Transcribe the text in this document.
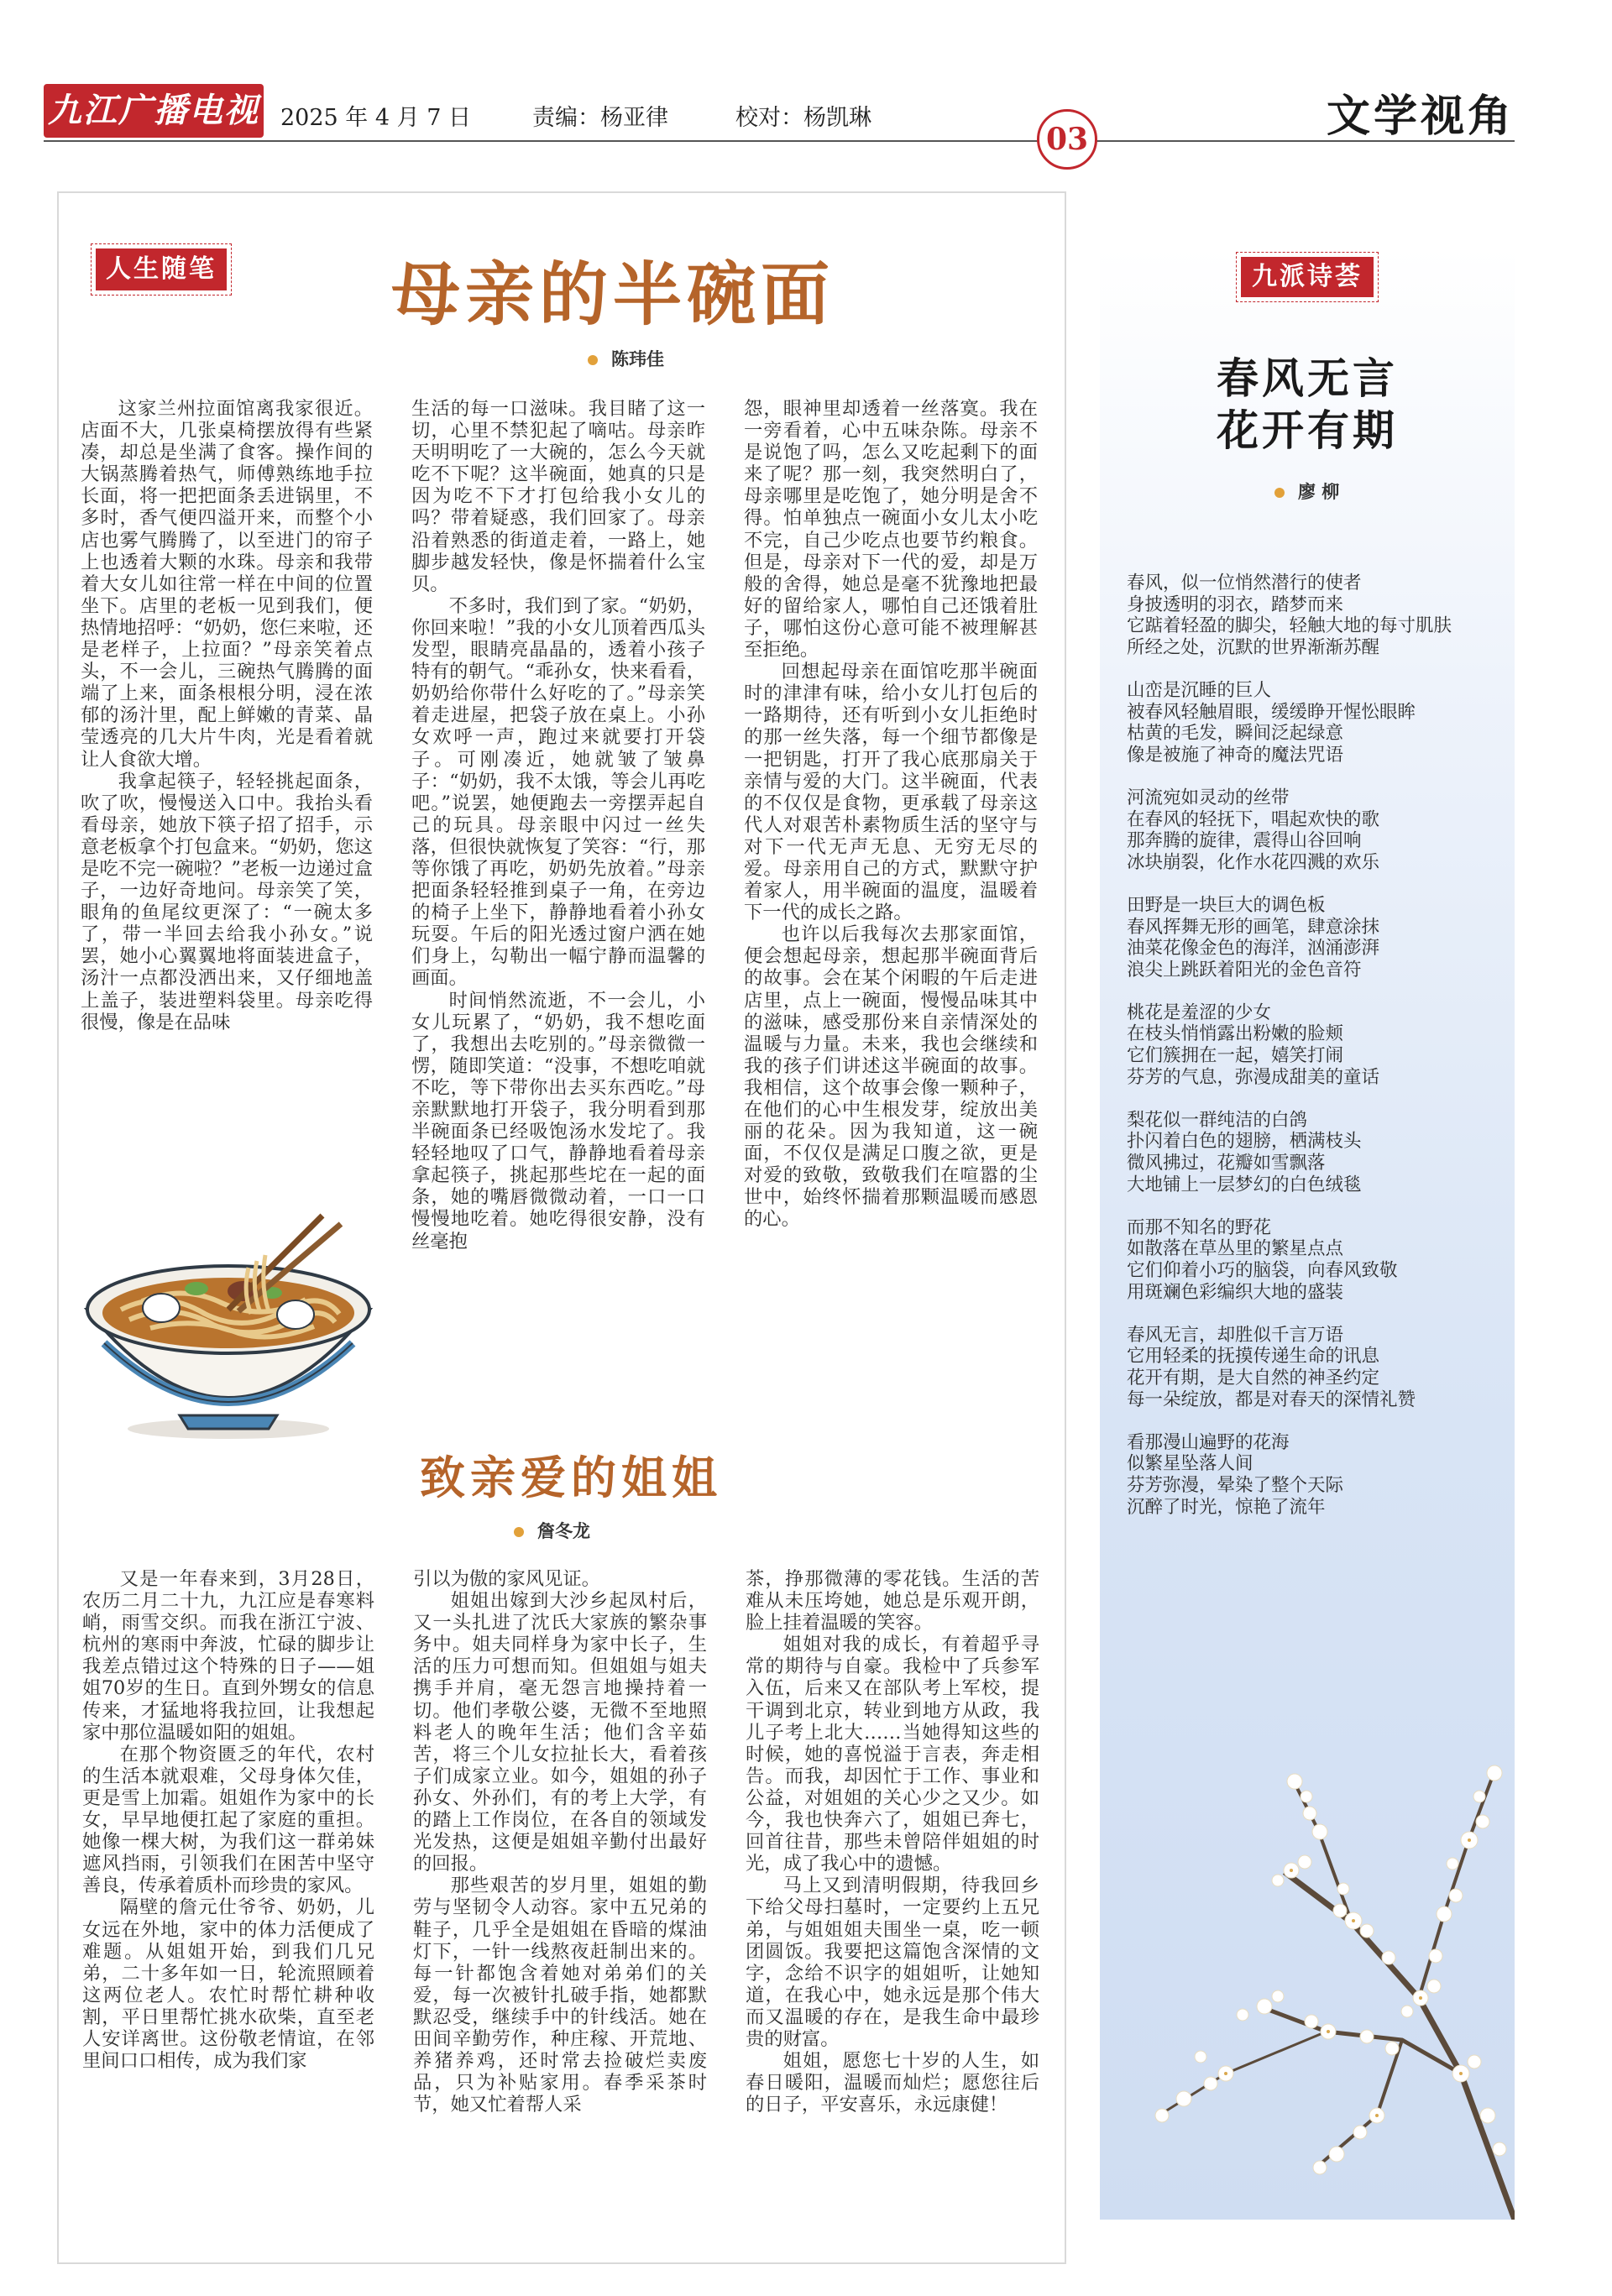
九江广播电视报
2025 年 4 月 7 日	责编：杨亚律	校对：杨凯琳
03	文学视角
人生随笔	母亲的半碗面
陈玮佳

这家兰州拉面馆离我家很近。店面不大，几张桌椅摆放得有些紧凑，却总是坐满了食客。操作间的大锅蒸腾着热气，师傅熟练地手拉长面，将一把把面条丢进锅里，不多时，香气便四溢开来，而整个小店也雾气腾腾了，以至进门的帘子上也透着大颗的水珠。母亲和我带着大女儿如往常一样在中间的位置坐下。店里的老板一见到我们，便热情地招呼：“奶奶，您仨来啦，还是老样子，上拉面？”母亲笑着点头，不一会儿，三碗热气腾腾的面端了上来，面条根根分明，浸在浓郁的汤汁里，配上鲜嫩的青菜、晶莹透亮的几大片牛肉，光是看着就让人食欲大增。

我拿起筷子，轻轻挑起面条，吹了吹，慢慢送入口中。我抬头看看母亲，她放下筷子招了招手，示意老板拿个打包盒来。“奶奶，您这是吃不完一碗啦？”老板一边递过盒子，一边好奇地问。母亲笑了笑，眼角的鱼尾纹更深了：“一碗太多了，带一半回去给我小孙女。”说罢，她小心翼翼地将面装进盒子，汤汁一点都没洒出来，又仔细地盖上盖子，装进塑料袋里。母亲吃得很慢，像是在品味

生活的每一口滋味。我目睹了这一切，心里不禁犯起了嘀咕。母亲昨天明明吃了一大碗的，怎么今天就吃不下呢？这半碗面，她真的只是因为吃不下才打包给我小女儿的吗？带着疑惑，我们回家了。母亲沿着熟悉的街道走着，一路上，她脚步越发轻快，像是怀揣着什么宝贝。

不多时，我们到了家。“奶奶，你回来啦！”我的小女儿顶着西瓜头发型，眼睛亮晶晶的，透着小孩子特有的朝气。“乖孙女，快来看看，奶奶给你带什么好吃的了。”母亲笑着走进屋，把袋子放在桌上。小孙女欢呼一声，跑过来就要打开袋子。可刚凑近，她就皱了皱鼻子：“奶奶，我不太饿，等会儿再吃吧。”说罢，她便跑去一旁摆弄起自己的玩具。母亲眼中闪过一丝失落，但很快就恢复了笑容：“行，那等你饿了再吃，奶奶先放着。”母亲把面条轻轻推到桌子一角，在旁边的椅子上坐下，静静地看着小孙女玩耍。午后的阳光透过窗户洒在她们身上，勾勒出一幅宁静而温馨的画面。

时间悄然流逝，不一会儿，小女儿玩累了，“奶奶，我不想吃面了，我想出去吃别的。”母亲微微一愣，随即笑道：“没事，不想吃咱就不吃，等下带你出去买东西吃。”母亲默默地打开袋子，我分明看到那半碗面条已经吸饱汤水发坨了。我轻轻地叹了口气，静静地看着母亲拿起筷子，挑起那些坨在一起的面条，她的嘴唇微微动着，一口一口慢慢地吃着。她吃得很安静，没有丝毫抱

怨，眼神里却透着一丝落寞。我在一旁看着，心中五味杂陈。母亲不是说饱了吗，怎么又吃起剩下的面来了呢？那一刻，我突然明白了，母亲哪里是吃饱了，她分明是舍不得。怕单独点一碗面小女儿太小吃不完，自己少吃点也要节约粮食。但是，母亲对下一代的爱，却是万般的舍得，她总是毫不犹豫地把最好的留给家人，哪怕自己还饿着肚子，哪怕这份心意可能不被理解甚至拒绝。

回想起母亲在面馆吃那半碗面时的津津有味，给小女儿打包后的一路期待，还有听到小女儿拒绝时的那一丝失落，每一个细节都像是一把钥匙，打开了我心底那扇关于亲情与爱的大门。这半碗面，代表的不仅仅是食物，更承载了母亲这代人对艰苦朴素物质生活的坚守与对下一代无声无息、无穷无尽的爱。母亲用自己的方式，默默守护着家人，用半碗面的温度，温暖着下一代的成长之路。

也许以后我每次去那家面馆，便会想起母亲，想起那半碗面背后的故事。会在某个闲暇的午后走进店里，点上一碗面，慢慢品味其中的滋味，感受那份来自亲情深处的温暖与力量。未来，我也会继续和我的孩子们讲述这半碗面的故事。我相信，这个故事会像一颗种子，在他们的心中生根发芽，绽放出美丽的花朵。因为我知道，这一碗面，不仅仅是满足口腹之欲，更是对爱的致敬，致敬我们在喧嚣的尘世中，始终怀揣着那颗温暖而感恩的心。

致亲爱的姐姐
詹冬龙

又是一年春来到，3月28日，农历二月二十九，九江应是春寒料峭，雨雪交织。而我在浙江宁波、杭州的寒雨中奔波，忙碌的脚步让我差点错过这个特殊的日子——姐姐70岁的生日。直到外甥女的信息传来，才猛地将我拉回，让我想起家中那位温暖如阳的姐姐。

在那个物资匮乏的年代，农村的生活本就艰难，父母身体欠佳，更是雪上加霜。姐姐作为家中的长女，早早地便扛起了家庭的重担。她像一棵大树，为我们这一群弟妹遮风挡雨，引领我们在困苦中坚守善良，传承着质朴而珍贵的家风。

隔壁的詹元仕爷爷、奶奶，儿女远在外地，家中的体力活便成了难题。从姐姐开始，到我们几兄弟，二十多年如一日，轮流照顾着这两位老人。农忙时帮忙耕种收割，平日里帮忙挑水砍柴，直至老人安详离世。这份敬老情谊，在邻里间口口相传，成为我们家

引以为傲的家风见证。

姐姐出嫁到大沙乡起凤村后，又一头扎进了沈氏大家族的繁杂事务中。姐夫同样身为家中长子，生活的压力可想而知。但姐姐与姐夫携手并肩，毫无怨言地操持着一切。他们孝敬公婆，无微不至地照料老人的晚年生活；他们含辛茹苦，将三个儿女拉扯长大，看着孩子们成家立业。如今，姐姐的孙子孙女、外孙们，有的考上大学，有的踏上工作岗位，在各自的领域发光发热，这便是姐姐辛勤付出最好的回报。

那些艰苦的岁月里，姐姐的勤劳与坚韧令人动容。家中五兄弟的鞋子，几乎全是姐姐在昏暗的煤油灯下，一针一线熬夜赶制出来的。每一针都饱含着她对弟弟们的关爱，每一次被针扎破手指，她都默默忍受，继续手中的针线活。她在田间辛勤劳作，种庄稼、开荒地、养猪养鸡，还时常去捡破烂卖废品，只为补贴家用。春季采茶时节，她又忙着帮人采

茶，挣那微薄的零花钱。生活的苦难从未压垮她，她总是乐观开朗，脸上挂着温暖的笑容。

姐姐对我的成长，有着超乎寻常的期待与自豪。我检中了兵参军入伍，后来又在部队考上军校，提干调到北京，转业到地方从政，我儿子考上北大……当她得知这些的时候，她的喜悦溢于言表，奔走相告。而我，却因忙于工作、事业和公益，对姐姐的关心少之又少。如今，我也快奔六了，姐姐已奔七，回首往昔，那些未曾陪伴姐姐的时光，成了我心中的遗憾。

马上又到清明假期，待我回乡下给父母扫墓时，一定要约上五兄弟，与姐姐姐夫围坐一桌，吃一顿团圆饭。我要把这篇饱含深情的文字，念给不识字的姐姐听，让她知道，在我心中，她永远是那个伟大而又温暖的存在，是我生命中最珍贵的财富。

姐姐，愿您七十岁的人生，如春日暖阳，温暖而灿烂；愿您往后的日子，平安喜乐，永远康健！

九派诗荟
春风无言
花开有期
廖 柳
春风，似一位悄然潜行的使者
身披透明的羽衣，踏梦而来
它踮着轻盈的脚尖，轻触大地的每寸肌肤
所经之处，沉默的世界渐渐苏醒
山峦是沉睡的巨人
被春风轻触眉眼，缓缓睁开惺忪眼眸
枯黄的毛发，瞬间泛起绿意
像是被施了神奇的魔法咒语
河流宛如灵动的丝带
在春风的轻抚下，唱起欢快的歌
那奔腾的旋律，震得山谷回响
冰块崩裂，化作水花四溅的欢乐
田野是一块巨大的调色板
春风挥舞无形的画笔，肆意涂抹
油菜花像金色的海洋，汹涌澎湃
浪尖上跳跃着阳光的金色音符
桃花是羞涩的少女
在枝头悄悄露出粉嫩的脸颊
它们簇拥在一起，嬉笑打闹
芬芳的气息，弥漫成甜美的童话
梨花似一群纯洁的白鸽
扑闪着白色的翅膀，栖满枝头
微风拂过，花瓣如雪飘落
大地铺上一层梦幻的白色绒毯
而那不知名的野花
如散落在草丛里的繁星点点
它们仰着小巧的脑袋，向春风致敬
用斑斓色彩编织大地的盛装
春风无言，却胜似千言万语
它用轻柔的抚摸传递生命的讯息
花开有期，是大自然的神圣约定
每一朵绽放，都是对春天的深情礼赞
看那漫山遍野的花海
似繁星坠落人间
芬芳弥漫，晕染了整个天际
沉醉了时光，惊艳了流年
